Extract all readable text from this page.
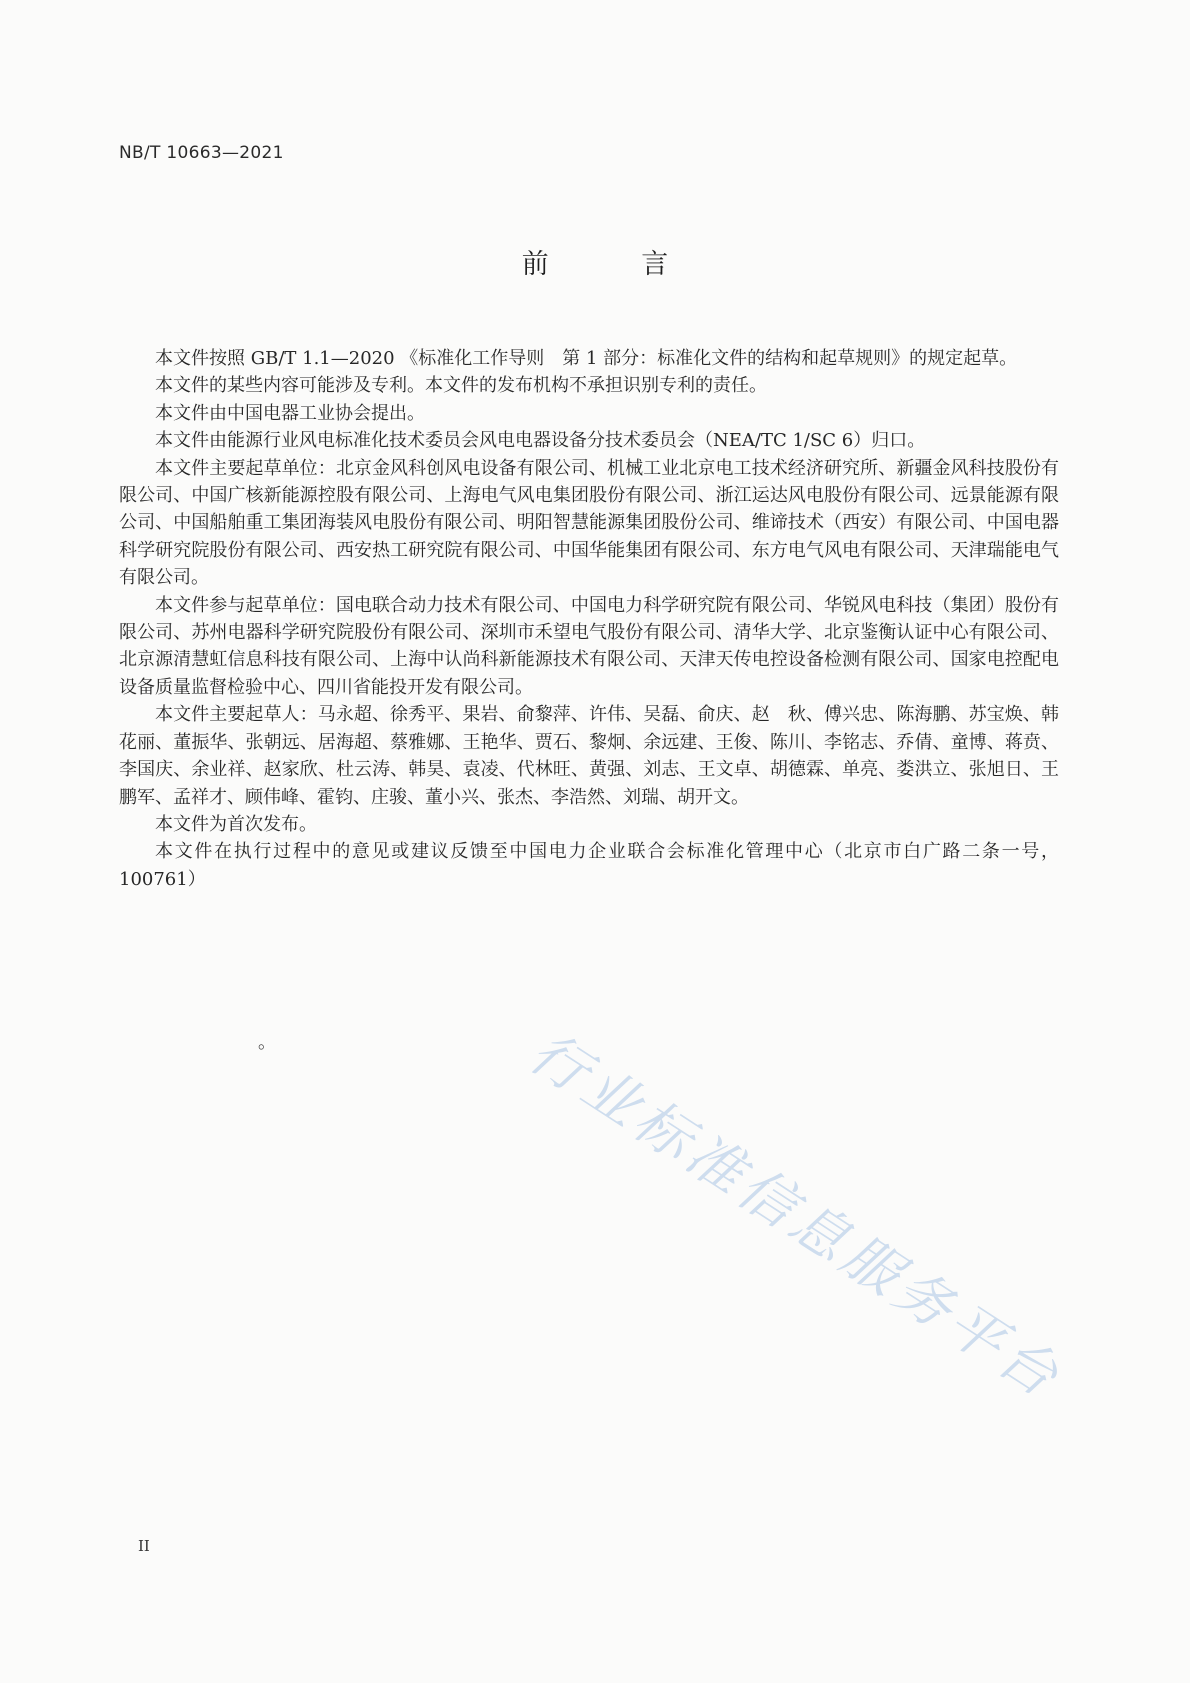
NB/T 10663—2021
前 言

本文件按照 GB/T 1.1—2020 《标准化工作导则　第 1 部分：标准化文件的结构和起草规则》的规定起草。

本文件的某些内容可能涉及专利。本文件的发布机构不承担识别专利的责任。

本文件由中国电器工业协会提出。

本文件由能源行业风电标准化技术委员会风电电器设备分技术委员会（NEA/TC 1/SC 6）归口。

本文件主要起草单位：北京金风科创风电设备有限公司、机械工业北京电工技术经济研究所、新疆金风科技股份有限公司、中国广核新能源控股有限公司、上海电气风电集团股份有限公司、浙江运达风电股份有限公司、远景能源有限公司、中国船舶重工集团海装风电股份有限公司、明阳智慧能源集团股份公司、维谛技术（西安）有限公司、中国电器科学研究院股份有限公司、西安热工研究院有限公司、中国华能集团有限公司、东方电气风电有限公司、天津瑞能电气有限公司。

本文件参与起草单位：国电联合动力技术有限公司、中国电力科学研究院有限公司、华锐风电科技（集团）股份有限公司、苏州电器科学研究院股份有限公司、深圳市禾望电气股份有限公司、清华大学、北京鉴衡认证中心有限公司、北京源清慧虹信息科技有限公司、上海中认尚科新能源技术有限公司、天津天传电控设备检测有限公司、国家电控配电设备质量监督检验中心、四川省能投开发有限公司。

本文件主要起草人：马永超、徐秀平、果岩、俞黎萍、许伟、吴磊、俞庆、赵　秋、傅兴忠、陈海鹏、苏宝焕、韩花丽、董振华、张朝远、居海超、蔡雅娜、王艳华、贾石、黎炯、余远建、王俊、陈川、李铭志、乔倩、童博、蒋贲、李国庆、余业祥、赵家欣、杜云涛、韩昊、袁凌、代林旺、黄强、刘志、王文卓、胡德霖、单亮、娄洪立、张旭日、王鹏军、孟祥才、顾伟峰、霍钧、庄骏、董小兴、张杰、李浩然、刘瑞、胡开文。

本文件为首次发布。

本文件在执行过程中的意见或建议反馈至中国电力企业联合会标准化管理中心（北京市白广路二条一号，100761）

。	行业标准信息服务平台
II
